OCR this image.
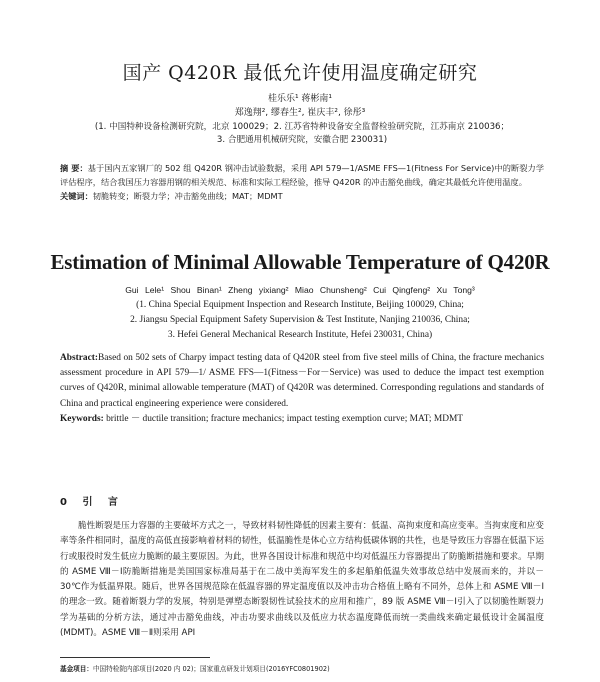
国产 Q420R 最低允许使用温度确定研究
桂乐乐¹ 蒋彬南¹
郑逸翔², 缪春生², 崔庆丰², 徐彤³
(1. 中国特种设备检测研究院，北京 100029；2. 江苏省特种设备安全监督检验研究院，江苏南京 210036；
3. 合肥通用机械研究院，安徽合肥 230031)

摘 要：基于国内五家钢厂的 502 组 Q420R 钢冲击试验数据，采用 API 579—1/ASME FFS—1(Fitness For Service)中的断裂力学评估程序，结合我国压力容器用钢的相关规范、标准和实际工程经验，推导 Q420R 的冲击豁免曲线，确定其最低允许使用温度。

关键词：韧脆转变；断裂力学；冲击豁免曲线；MAT；MDMT

Estimation of Minimal Allowable Temperature of Q420R
Gui Lele¹ Shou Binan¹ Zheng yixiang² Miao Chunsheng² Cui Qingfeng² Xu Tong³
(1. China Special Equipment Inspection and Research Institute, Beijing 100029, China;
2. Jiangsu Special Equipment Safety Supervision & Test Institute, Nanjing 210036, China;
3. Hefei General Mechanical Research Institute, Hefei 230031, China)

Abstract:Based on 502 sets of Charpy impact testing data of Q420R steel from five steel mills of China, the fracture mechanics assessment procedure in API 579—1/ ASME FFS—1(Fitness－For－Service) was used to deduce the impact test exemption curves of Q420R, minimal allowable temperature (MAT) of Q420R was determined. Corresponding regulations and standards of China and practical engineering experience were considered.

Keywords: brittle － ductile transition; fracture mechanics; impact testing exemption curve; MAT; MDMT

0 引 言
脆性断裂是压力容器的主要破坏方式之一，导致材料韧性降低的因素主要有：低温、高拘束度和高应变率。当拘束度和应变率等条件相同时，温度的高低直接影响着材料的韧性，低温脆性是体心立方结构低碳体钢的共性，也是导致压力容器在低温下运行或服役时发生低应力脆断的最主要原因。为此，世界各国设计标准和规范中均对低温压力容器提出了防脆断措施和要求。早期的 ASME Ⅷ－Ⅰ防脆断措施是美国国家标准局基于在二战中美海军发生的多起船舶低温失效事故总结中发展而来的，并以－30℃作为低温界限。随后，世界各国规范除在低温容器的界定温度值以及冲击功合格值上略有不同外，总体上和 ASME Ⅷ－Ⅰ的理念一致。随着断裂力学的发展，特别是弹塑态断裂韧性试验技术的应用和推广，89 版 ASME Ⅷ－Ⅰ引入了以韧脆性断裂力学为基础的分析方法，通过冲击豁免曲线，冲击功要求曲线以及低应力状态温度降低而统一类曲线来确定最低设计金属温度(MDMT)。ASME Ⅷ－Ⅱ则采用 API
基金项目：中国特检院内部项目(2020 内 02)；国家重点研发计划项目(2016YFC0801902)
